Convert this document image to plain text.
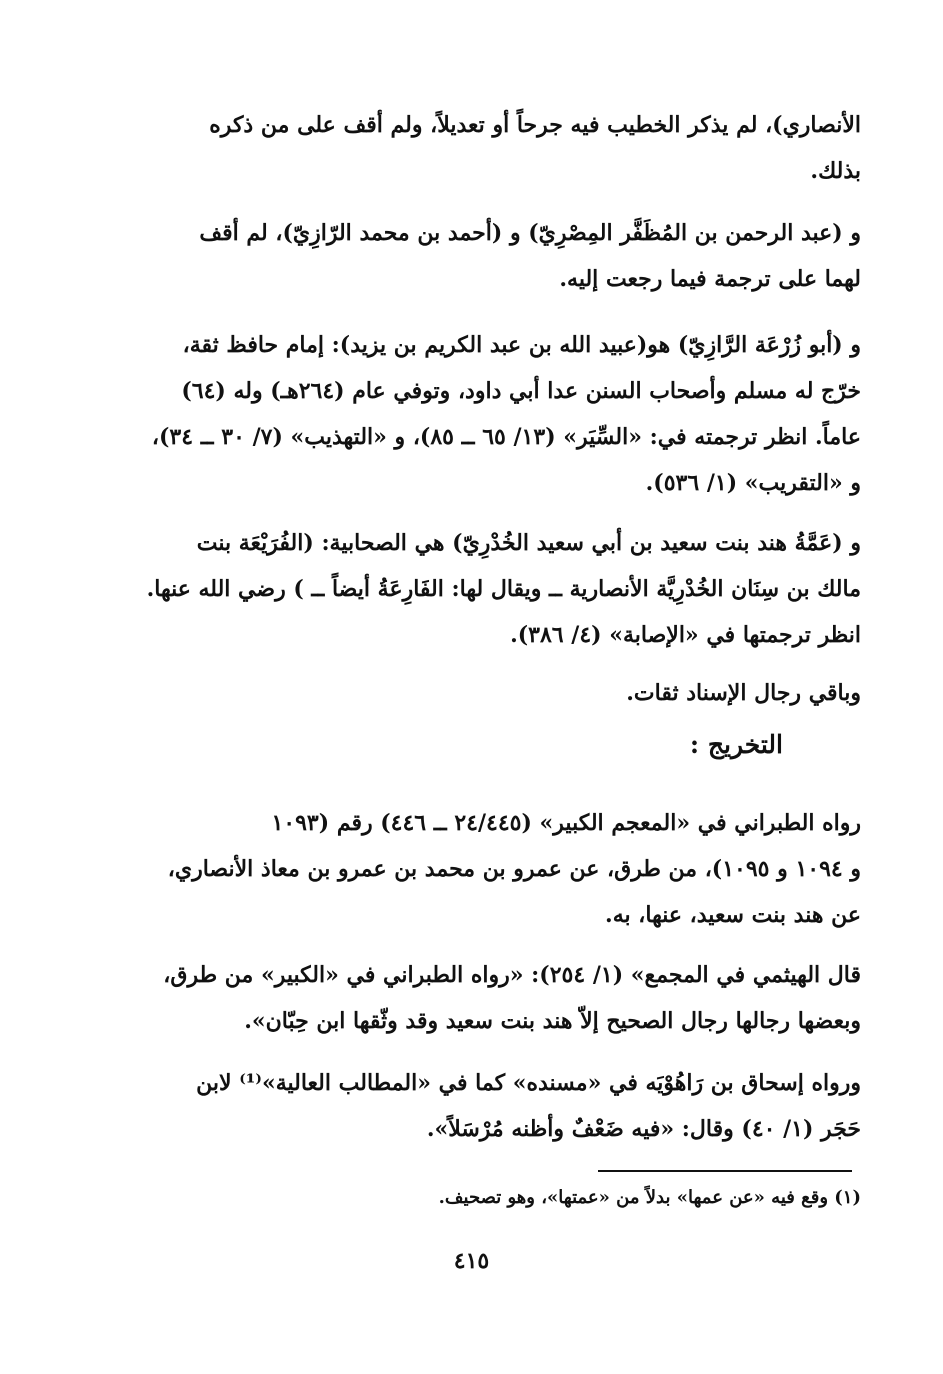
الأنصاري)، لم يذكر الخطيب فيه جرحاً أو تعديلاً، ولم أقف على من ذكره
بذلك.
و (عبد الرحمن بن المُظَفَّر المِصْرِيّ) و (أحمد بن محمد الرّازِيّ)، لم أقف
لهما على ترجمة فيما رجعت إليه.
و (أبو زُرْعَة الرَّازِيّ) هو(عبيد الله بن عبد الكريم بن يزيد): إمام حافظ ثقة،
خرّج له مسلم وأصحاب السنن عدا أبي داود، وتوفي عام (٢٦٤هـ) وله (٦٤)
عاماً. انظر ترجمته في: «السِّيَر» (١٣/ ٦٥ ــ ٨٥)، و «التهذيب» (٧/ ٣٠ ــ ٣٤)،
و «التقريب» (١/ ٥٣٦).
و (عَمَّةُ هند بنت سعيد بن أبي سعيد الخُدْرِيّ) هي الصحابية: (الفُرَيْعَة بنت
مالك بن سِنَان الخُدْرِيَّة الأنصارية ــ ويقال لها: الفَارِعَةُ أيضاً ــ ) رضي الله عنها.
انظر ترجمتها في «الإصابة» (٤/ ٣٨٦).
وباقي رجال الإسناد ثقات.
التخريج :
رواه الطبراني في «المعجم الكبير» (٢٤/٤٤٥ ــ ٤٤٦) رقم (١٠٩٣
و ١٠٩٤ و ١٠٩٥)، من طرق، عن عمرو بن محمد بن عمرو بن معاذ الأنصاري،
عن هند بنت سعيد، عنها، به.
قال الهيثمي في المجمع» (١/ ٢٥٤): «رواه الطبراني في «الكبير» من طرق،
وبعضها رجالها رجال الصحيح إلاّ هند بنت سعيد وقد وثّقها ابن حِبّان».
ورواه إسحاق بن رَاهُوْيَه في «مسنده» كما في «المطالب العالية»⁽¹⁾ لابن
حَجَر (١/ ٤٠) وقال: «فيه ضَعْفٌ وأظنه مُرْسَلاً».
(١) وقع فيه «عن عمها» بدلاً من «عمتها»، وهو تصحيف.
٤١٥
